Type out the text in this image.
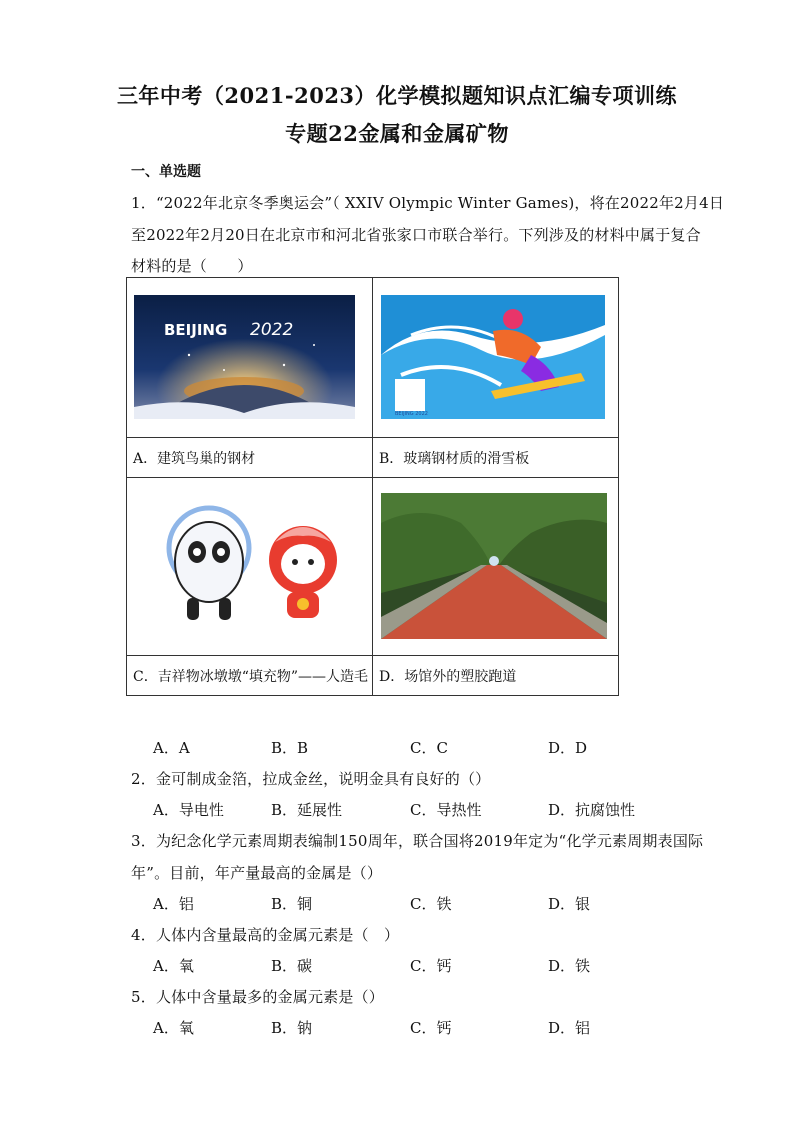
三年中考（2021-2023）化学模拟题知识点汇编专项训练
专题22金属和金属矿物
一、单选题
1．“2022年北京冬季奥运会”（ XXIV Olympic Winter Games)，将在2022年2月4日
至2022年2月20日在北京市和河北省张家口市联合举行。下列涉及的材料中属于复合
材料的是（　　）
BEIJING 2022	BEIJING 2022

A．建筑鸟巢的钢材	B．玻璃钢材质的滑雪板

C．吉祥物冰墩墩“填充物”——人造毛	D．场馆外的塑胶跑道
A．A	B．B	C．C	D．D
2．金可制成金箔，拉成金丝，说明金具有良好的（）
A．导电性	B．延展性	C．导热性	D．抗腐蚀性
3．为纪念化学元素周期表编制150周年，联合国将2019年定为“化学元素周期表国际
年”。目前，年产量最高的金属是（）
A．铝	B．铜	C．铁	D．银
4．人体内含量最高的金属元素是（　）
A．氧	B．碳	C．钙	D．铁
5．人体中含量最多的金属元素是（）
A．氧	B．钠	C．钙	D．铝
